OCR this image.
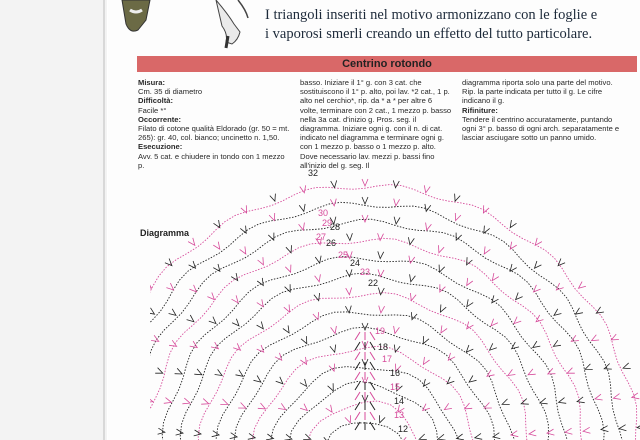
I triangoli inseriti nel motivo armonizzano con le foglie e
i vaporosi smerli creando un effetto del tutto particolare.
Centrino rotondo
Misura:

Cm. 35 di diametro

Difficoltà:

Facile *°

Occorrente:

Filato di cotone qualità Eldorado (gr. 50 = mt. 265): gr. 40, col. bianco; uncinetto n. 1,50.

Esecuzione:

Avv. 5 cat. e chiudere in tondo con 1 mezzo p.

basso. Iniziare il 1° g. con 3 cat. che sostituiscono il 1° p. alto, poi lav. *2 cat., 1 p. alto nel cerchio*, rip. da * a * per altre 6 volte, terminare con 2 cat., 1 mezzo p. basso nella 3a cat. d'inizio g. Pros. seg. il diagramma. Iniziare ogni g. con il n. di cat. indicato nel diagramma e terminare ogni g. con 1 mezzo p. basso o 1 mezzo p. alto. Dove necessario lav. mezzi p. bassi fino all'inizio del g. seg. Il

diagramma riporta solo una parte del motivo. Rip. la parte indicata per tutto il g. Le cifre indicano il g.

Rifiniture:

Tendere il centrino accuratamente, puntando ogni 3° p. basso di ogni arch. separatamente e lasciar asciugare sotto un panno umido.

Diagramma
32
30
29
28
27
26
25
24
23
22
19
18
17
16
15
14
13
12
